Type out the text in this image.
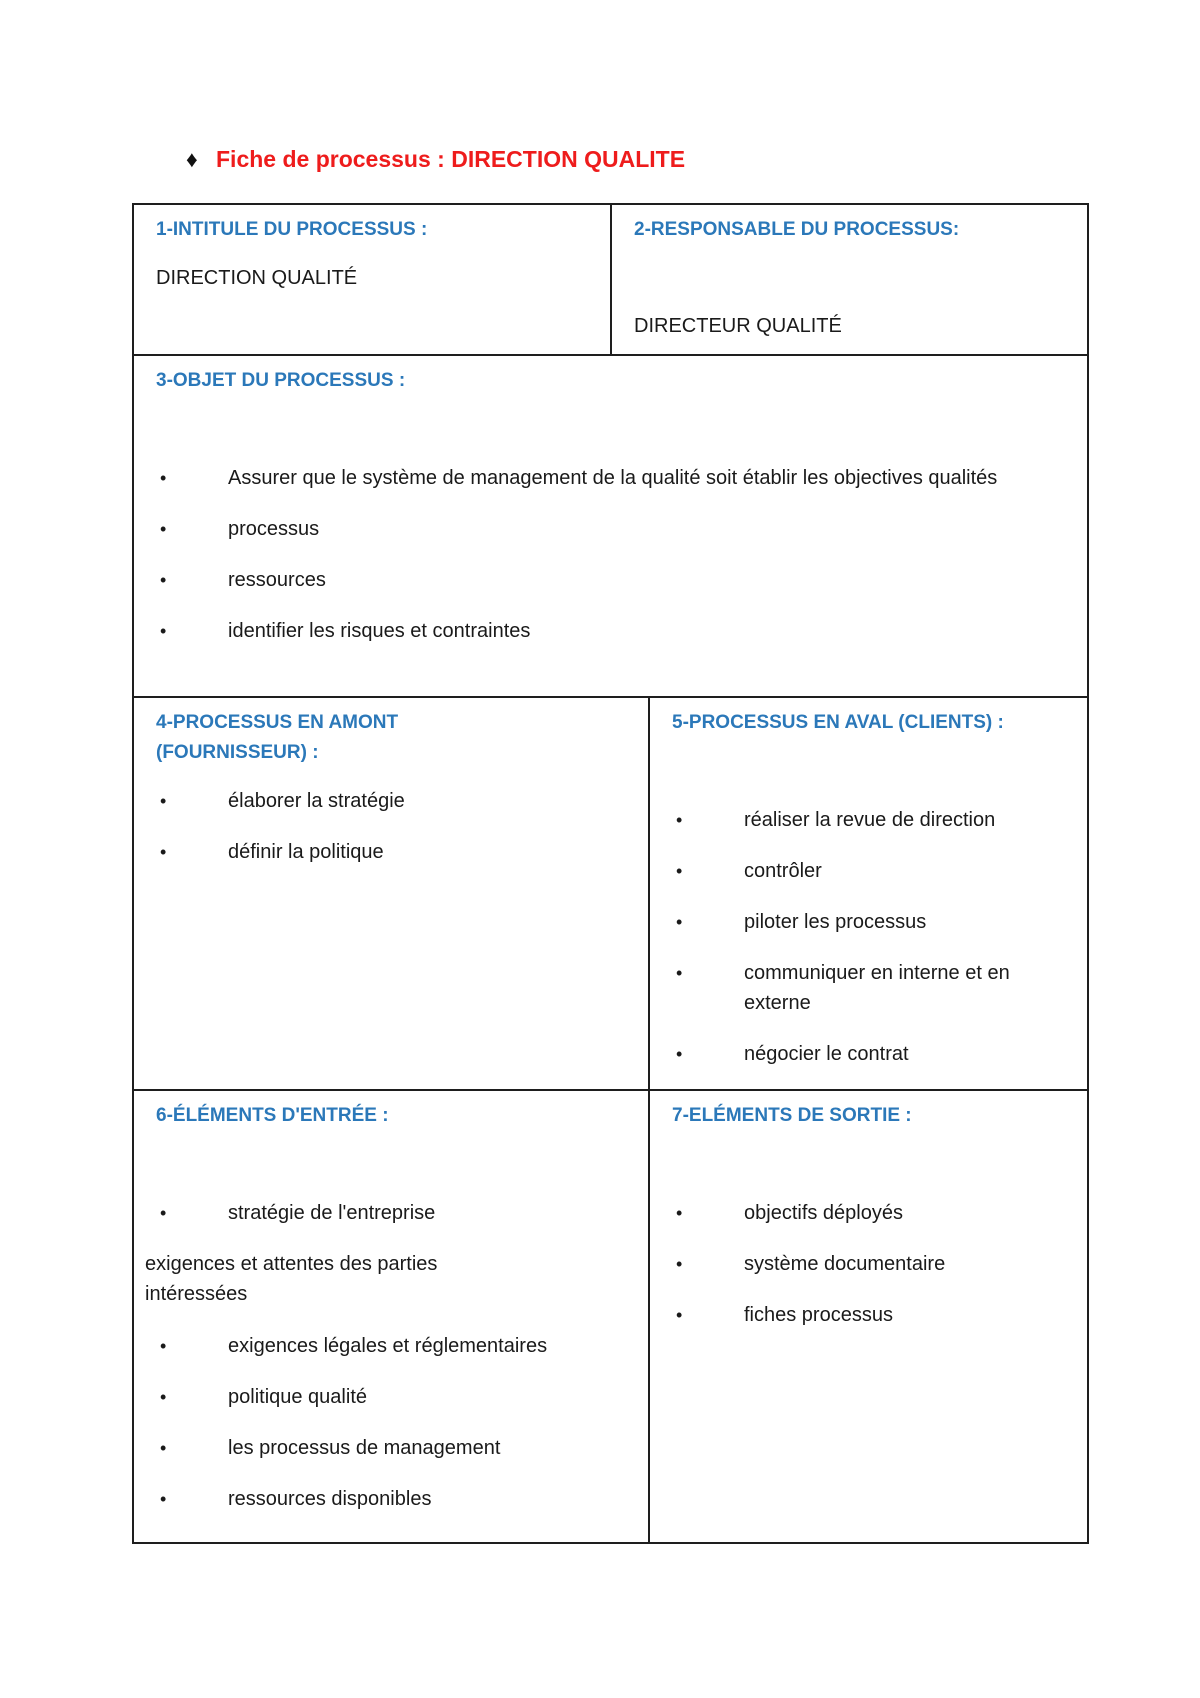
♦ Fiche de processus : DIRECTION QUALITE
1-INTITULE DU PROCESSUS :
DIRECTION QUALITÉ
2-RESPONSABLE DU PROCESSUS:
DIRECTEUR QUALITÉ
3-OBJET DU PROCESSUS :
•	Assurer que le système de management de la qualité soit établir les objectives qualités
•	processus
•	ressources
•	identifier les risques et contraintes
4-PROCESSUS EN AMONT (FOURNISSEUR) :
•	élaborer la stratégie
•	définir la politique
5-PROCESSUS EN AVAL (CLIENTS) :
•	réaliser la revue de direction
•	contrôler
•	piloter les processus
•	communiquer en interne et en externe
•	négocier le contrat
6-ÉLÉMENTS D'ENTRÉE :
•	stratégie de l'entreprise
exigences et attentes des parties intéressées
•	exigences légales et réglementaires
•	politique qualité
•	les processus de management
•	ressources disponibles
7-ELÉMENTS DE SORTIE :
•	objectifs déployés
•	système documentaire
•	fiches processus
